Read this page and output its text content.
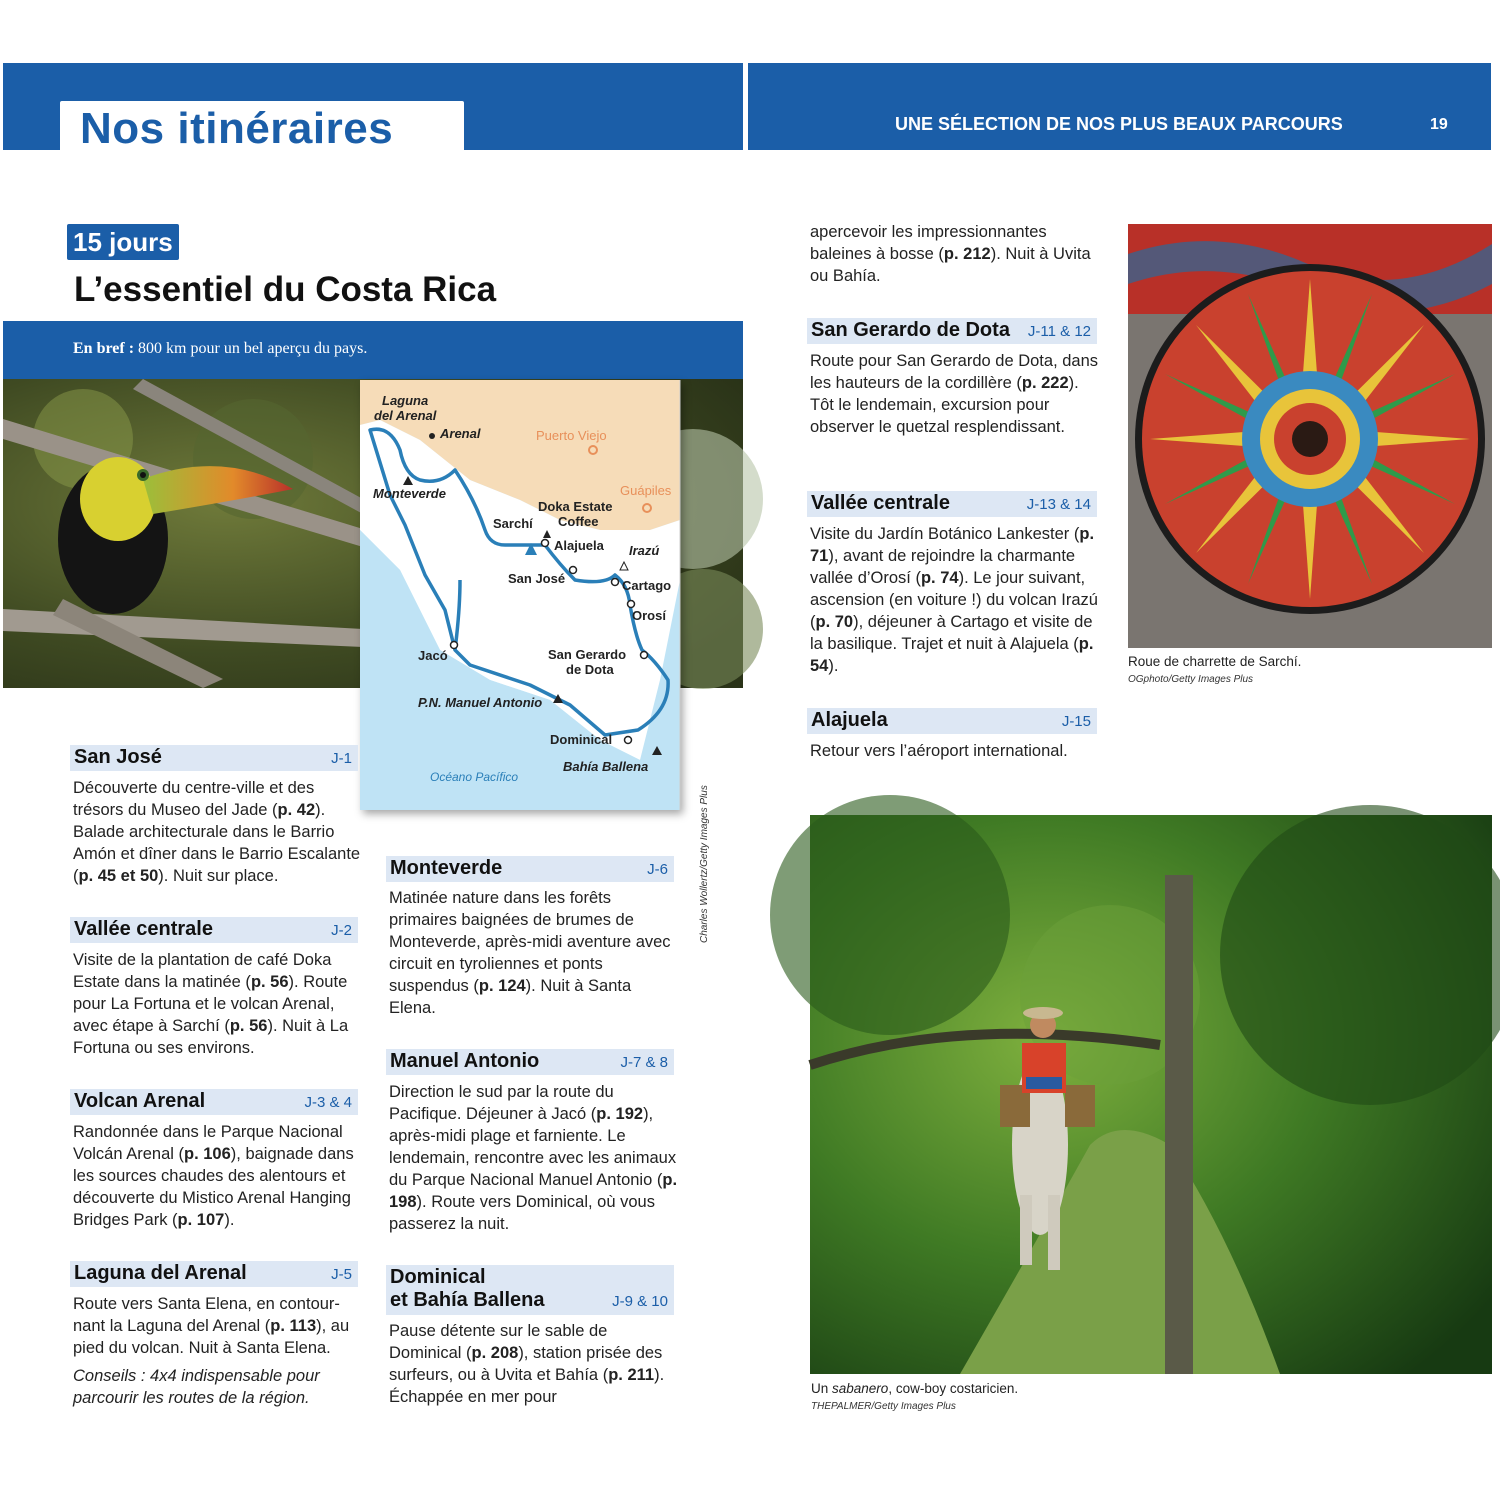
Nos itinéraires	UNE SÉLECTION DE NOS PLUS BEAUX PARCOURS	19
15 jours
L’essentiel du Costa Rica
En bref : 800 km pour un bel aperçu du pays.
Laguna
del Arenal
Arenal	Puerto Viejo
Guápiles
Monteverde
Doka Estate
Coffee
Sarchí
Alajuela Irazú
San José	Cartago
Orosí
Jacó	San Gerardo
de Dota
P.N. Manuel Antonio
Dominical
Bahía Ballena
Océano Pacífico
Charles Wollertz/Getty Images Plus
San José	J-1
Découverte du centre-ville et des trésors du Museo del Jade (p. 42). Balade architecturale dans le Barrio Amón et dîner dans le Barrio Escalante (p. 45 et 50). Nuit sur place.
Vallée centrale	J-2
Visite de la plantation de café Doka Estate dans la matinée (p. 56). Route pour La Fortuna et le volcan Arenal, avec étape à Sarchí (p. 56). Nuit à La Fortuna ou ses environs.
Volcan Arenal	J-3 & 4
Randonnée dans le Parque Nacional Volcán Arenal (p. 106), baignade dans les sources chaudes des alentours et découverte du Mistico Arenal Hanging Bridges Park (p. 107).
Laguna del Arenal	J-5
Route vers Santa Elena, en contour-nant la Laguna del Arenal (p. 113), au pied du volcan. Nuit à Santa Elena.
Conseils : 4x4 indispensable pour parcourir les routes de la région.
Monteverde	J-6
Matinée nature dans les forêts primaires baignées de brumes de Monteverde, après-midi aventure avec circuit en tyroliennes et ponts suspendus (p. 124). Nuit à Santa Elena.
Manuel Antonio	J-7 & 8
Direction le sud par la route du Pacifique. Déjeuner à Jacó (p. 192), après-midi plage et farniente. Le lendemain, rencontre avec les animaux du Parque Nacional Manuel Antonio (p. 198). Route vers Dominical, où vous passerez la nuit.
Dominical
et Bahía Ballena	J-9 & 10
Pause détente sur le sable de Dominical (p. 208), station prisée des surfeurs, ou à Uvita et Bahía (p. 211). Échappée en mer pour
apercevoir les impressionnantes baleines à bosse (p. 212). Nuit à Uvita ou Bahía.
San Gerardo de Dota J-11 & 12
Route pour San Gerardo de Dota, dans les hauteurs de la cordillère (p. 222). Tôt le lendemain, excursion pour observer le quetzal resplendissant.
Vallée centrale	J-13 & 14
Visite du Jardín Botánico Lankester (p. 71), avant de rejoindre la charmante vallée d’Orosí (p. 74). Le jour suivant, ascension (en voiture !) du volcan Irazú (p. 70), déjeuner à Cartago et visite de la basilique. Trajet et nuit à Alajuela (p. 54).
Alajuela	J-15
Retour vers l’aéroport international.
Roue de charrette de Sarchí.
OGphoto/Getty Images Plus
Un sabanero, cow-boy costaricien.
THEPALMER/Getty Images Plus
